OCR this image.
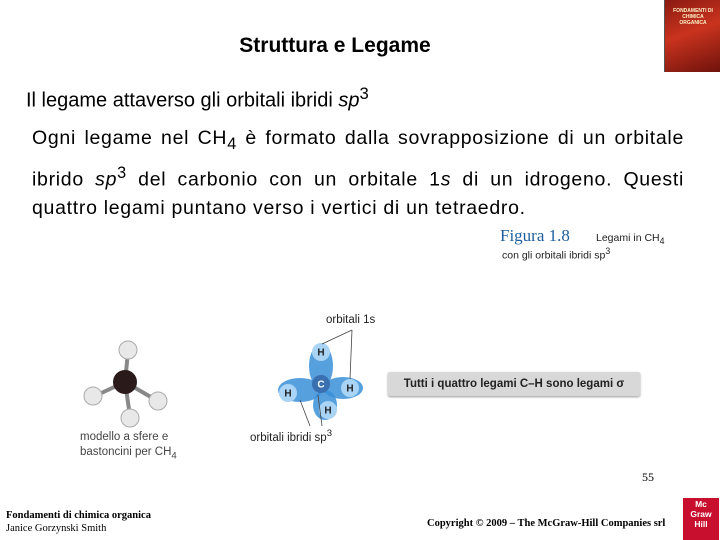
FONDAMENTI DI CHIMICA ORGANICA
Struttura e Legame
Il legame attaverso gli orbitali ibridi $sp^3$
Ogni legame nel $CH_4$ è formato dalla sovrapposizione di un orbitale ibrido $sp^3$ del carbonio con un orbitale 1s di un idrogeno. Questi quattro legami puntano verso i vertici di un tetraedro.
Figura 1.8 Legami in $CH_4$
con gli orbitali ibridi $sp^3$
H
H	H
H
C
orbitali 1s
orbitali ibridi $sp^3$
Tutti i quattro legami C–H sono legami σ
modello a sfere e
bastoncini per $CH_4$
55
Fondamenti di chimica organica
Janice Gorzynski Smith	Copyright © 2009 – The McGraw-Hill Companies srl
Mc
Graw
Hill
